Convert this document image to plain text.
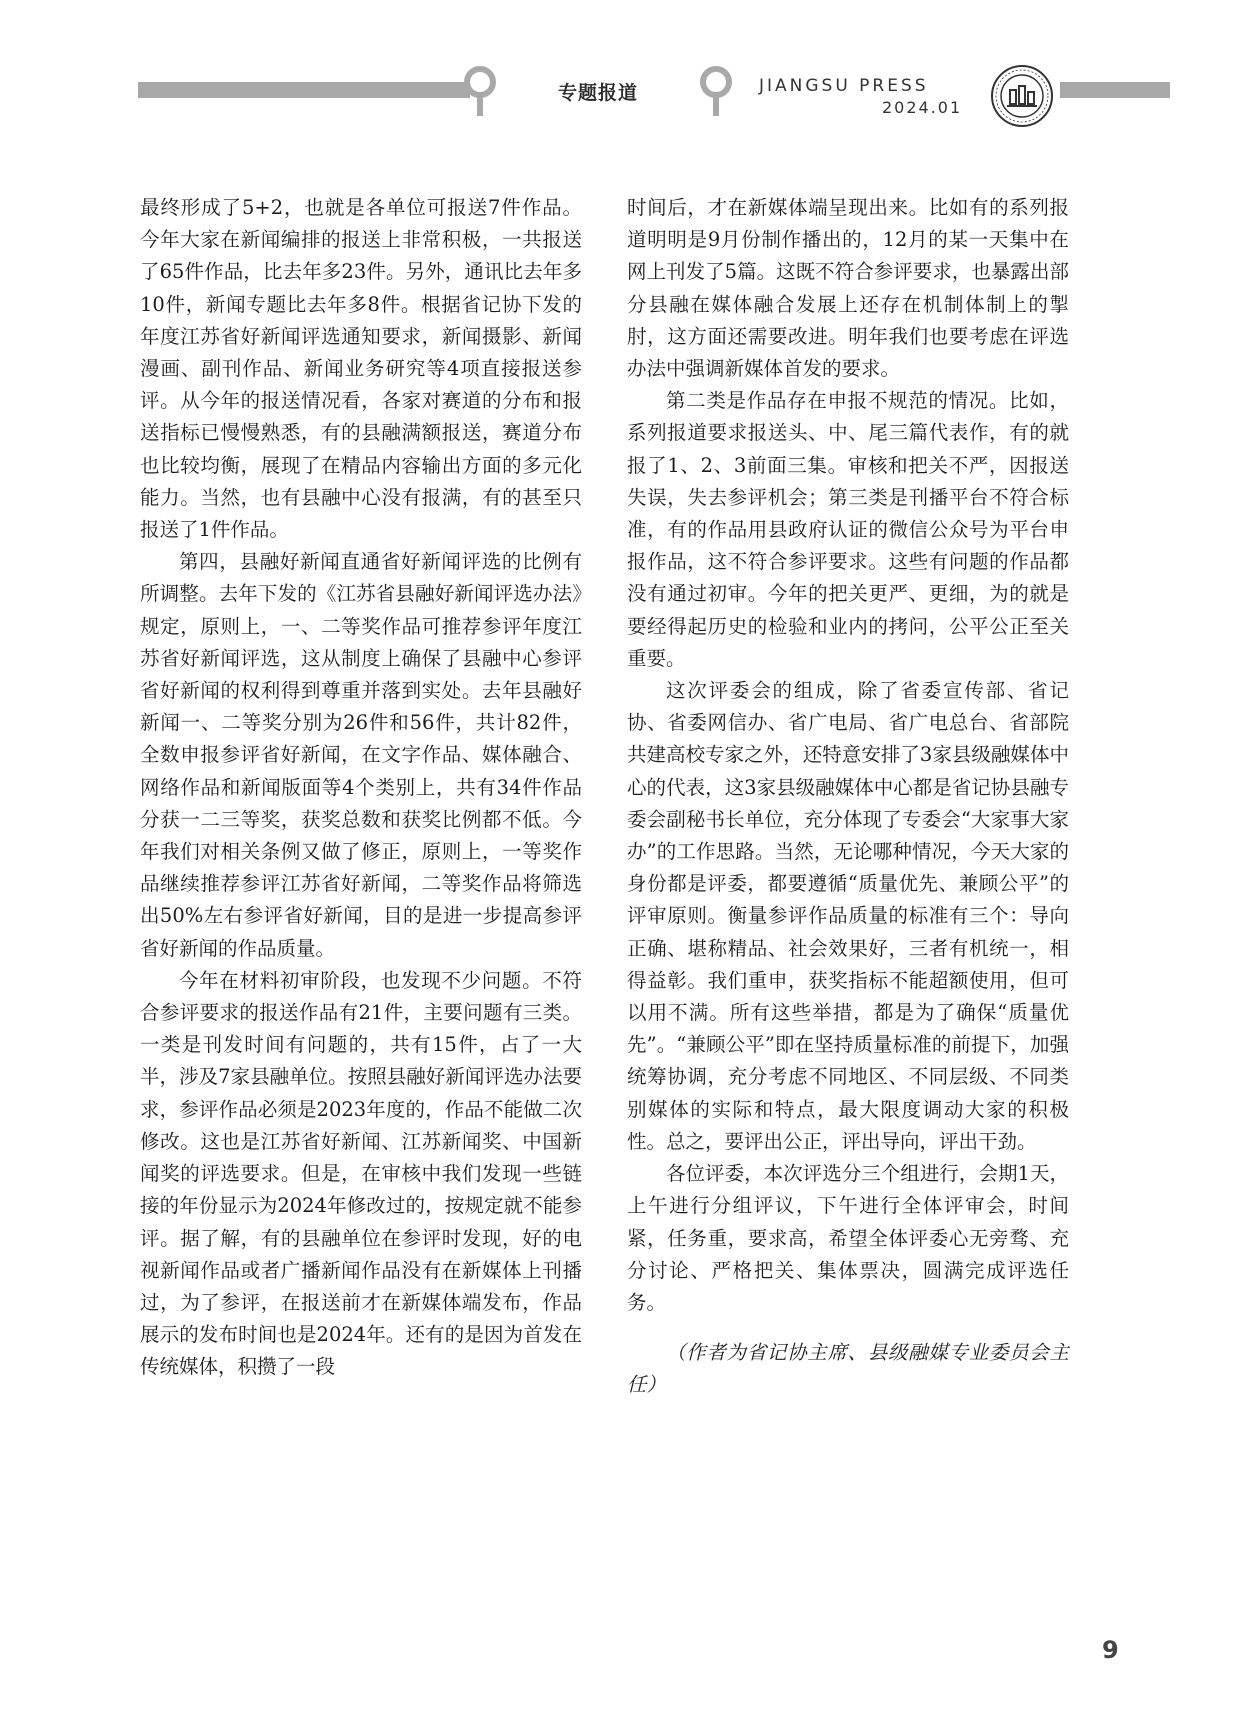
专题报道	JIANGSU PRESS
2024.01

最终形成了5+2，也就是各单位可报送7件作品。今年大家在新闻编排的报送上非常积极，一共报送了65件作品，比去年多23件。另外，通讯比去年多10件，新闻专题比去年多8件。根据省记协下发的年度江苏省好新闻评选通知要求，新闻摄影、新闻漫画、副刊作品、新闻业务研究等4项直接报送参评。从今年的报送情况看，各家对赛道的分布和报送指标已慢慢熟悉，有的县融满额报送，赛道分布也比较均衡，展现了在精品内容输出方面的多元化能力。当然，也有县融中心没有报满，有的甚至只报送了1件作品。

第四，县融好新闻直通省好新闻评选的比例有所调整。去年下发的《江苏省县融好新闻评选办法》规定，原则上，一、二等奖作品可推荐参评年度江苏省好新闻评选，这从制度上确保了县融中心参评省好新闻的权利得到尊重并落到实处。去年县融好新闻一、二等奖分别为26件和56件，共计82件，全数申报参评省好新闻，在文字作品、媒体融合、网络作品和新闻版面等4个类别上，共有34件作品分获一二三等奖，获奖总数和获奖比例都不低。今年我们对相关条例又做了修正，原则上，一等奖作品继续推荐参评江苏省好新闻，二等奖作品将筛选出50%左右参评省好新闻，目的是进一步提高参评省好新闻的作品质量。

今年在材料初审阶段，也发现不少问题。不符合参评要求的报送作品有21件，主要问题有三类。一类是刊发时间有问题的，共有15件，占了一大半，涉及7家县融单位。按照县融好新闻评选办法要求，参评作品必须是2023年度的，作品不能做二次修改。这也是江苏省好新闻、江苏新闻奖、中国新闻奖的评选要求。但是，在审核中我们发现一些链接的年份显示为2024年修改过的，按规定就不能参评。据了解，有的县融单位在参评时发现，好的电视新闻作品或者广播新闻作品没有在新媒体上刊播过，为了参评，在报送前才在新媒体端发布，作品展示的发布时间也是2024年。还有的是因为首发在传统媒体，积攒了一段

时间后，才在新媒体端呈现出来。比如有的系列报道明明是9月份制作播出的，12月的某一天集中在网上刊发了5篇。这既不符合参评要求，也暴露出部分县融在媒体融合发展上还存在机制体制上的掣肘，这方面还需要改进。明年我们也要考虑在评选办法中强调新媒体首发的要求。

第二类是作品存在申报不规范的情况。比如，系列报道要求报送头、中、尾三篇代表作，有的就报了1、2、3前面三集。审核和把关不严，因报送失误，失去参评机会；第三类是刊播平台不符合标准，有的作品用县政府认证的微信公众号为平台申报作品，这不符合参评要求。这些有问题的作品都没有通过初审。今年的把关更严、更细，为的就是要经得起历史的检验和业内的拷问，公平公正至关重要。

这次评委会的组成，除了省委宣传部、省记协、省委网信办、省广电局、省广电总台、省部院共建高校专家之外，还特意安排了3家县级融媒体中心的代表，这3家县级融媒体中心都是省记协县融专委会副秘书长单位，充分体现了专委会“大家事大家办”的工作思路。当然，无论哪种情况，今天大家的身份都是评委，都要遵循“质量优先、兼顾公平”的评审原则。衡量参评作品质量的标准有三个：导向正确、堪称精品、社会效果好，三者有机统一，相得益彰。我们重申，获奖指标不能超额使用，但可以用不满。所有这些举措，都是为了确保“质量优先”。“兼顾公平”即在坚持质量标准的前提下，加强统筹协调，充分考虑不同地区、不同层级、不同类别媒体的实际和特点，最大限度调动大家的积极性。总之，要评出公正，评出导向，评出干劲。

各位评委，本次评选分三个组进行，会期1天，上午进行分组评议，下午进行全体评审会，时间紧，任务重，要求高，希望全体评委心无旁骛、充分讨论、严格把关、集体票决，圆满完成评选任务。

（作者为省记协主席、县级融媒专业委员会主任）

9
